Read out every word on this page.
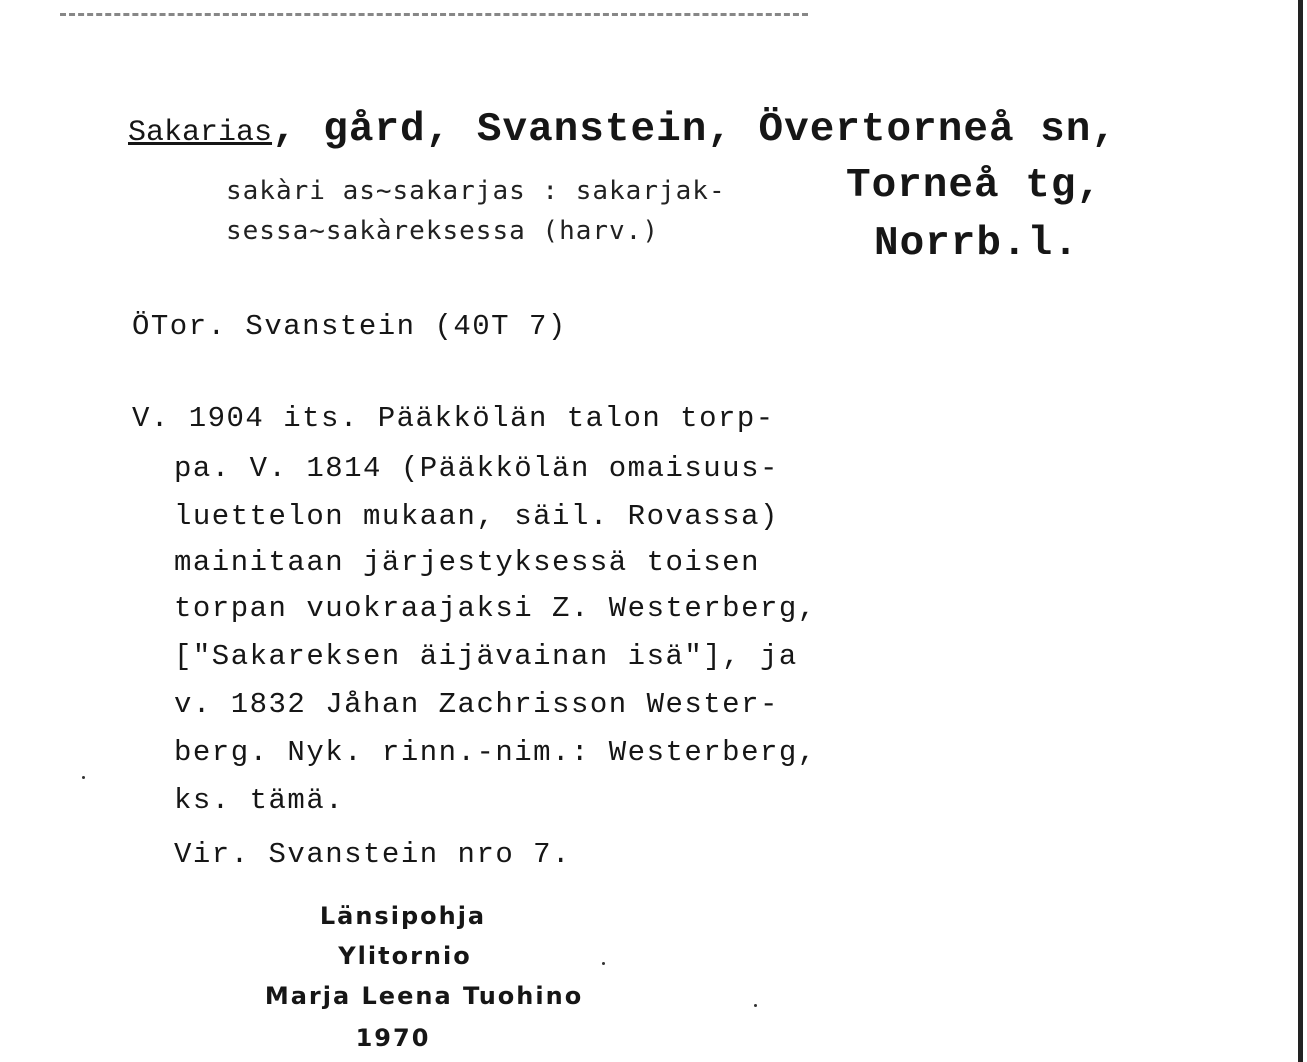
Sakarias, gård, Svanstein, Övertorneå sn,
Torneå tg,
Norrb.l.
sakàri as~sakarjas : sakarjak-
sessa~sakàreksessa (harv.)
ÖTor. Svanstein (40T 7)
V. 1904 its. Pääkkölän talon torp-
pa. V. 1814 (Pääkkölän omaisuus-
luettelon mukaan, säil. Rovassa)
mainitaan järjestyksessä toisen
torpan vuokraajaksi Z. Westerberg,
["Sakareksen äijävainan isä"], ja
v. 1832 Jåhan Zachrisson Wester-
berg. Nyk. rinn.-nim.: Westerberg,
ks. tämä.
Vir. Svanstein nro 7.
Länsipohja
Ylitornio
Marja Leena Tuohino
1970
